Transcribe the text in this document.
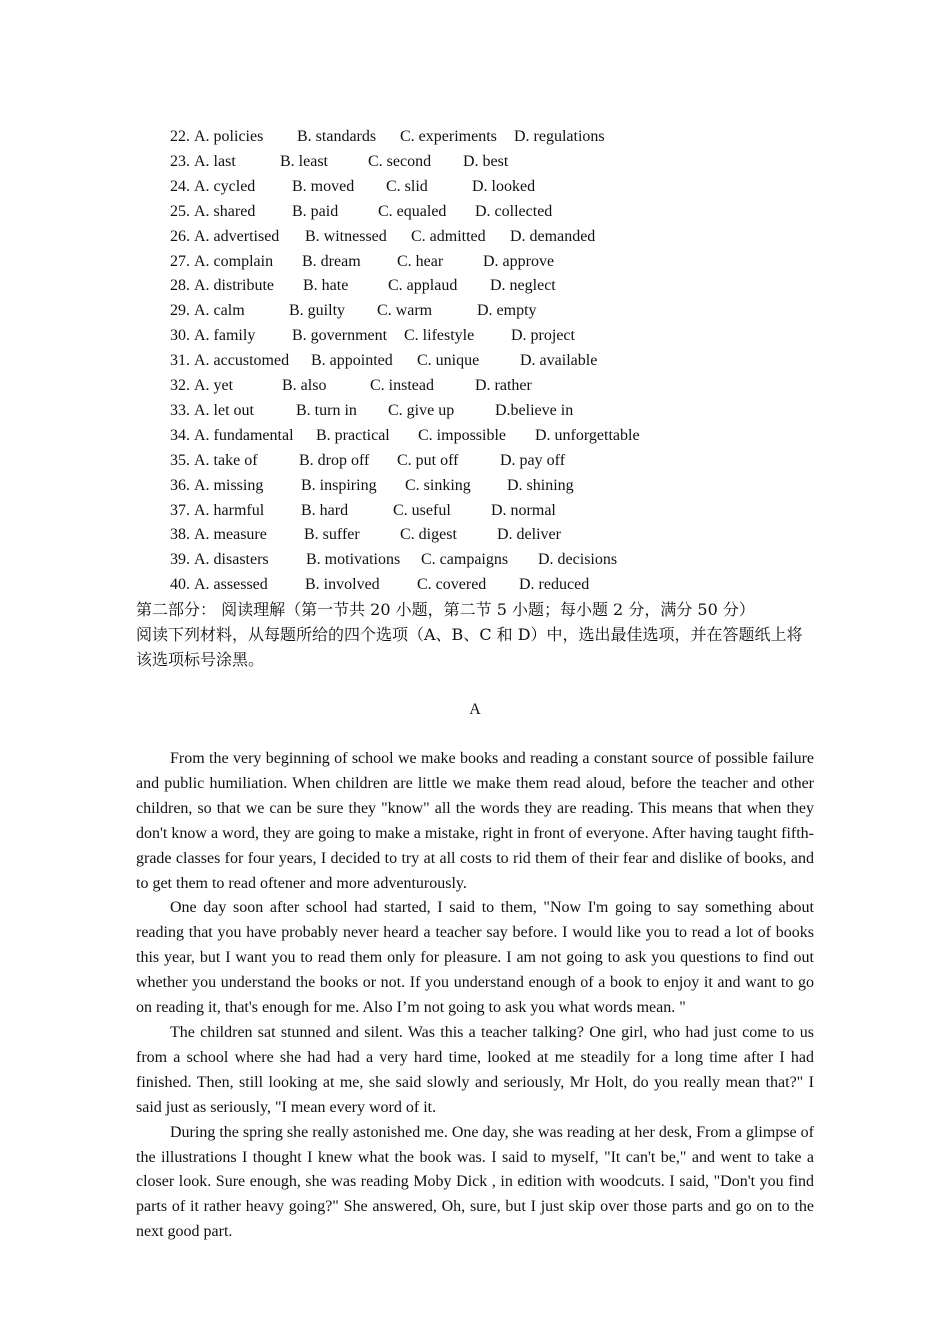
22. A. policies B. standards C. experiments D. regulations
23. A. last	B. least	C. second D. best
24. A. cycled B. moved C. slid	D. looked
25. A. shared B. paid C. equaled D. collected
26. A. advertised B. witnessed C. admitted D. demanded
27. A. complain B. dream C. hear D. approve
28. A. distribute B. hate C. applaud D. neglect
29. A. calm	B. guilty C. warm	D. empty
30. A. family B. government C. lifestyle D. project
31. A. accustomed B. appointed C. unique	D. available
32. A. yet	B. also	C. instead	D. rather
33. A. let out	B. turn in C. give up	D.believe in
34. A. fundamental B. practical C. impossible D. unforgettable
35. A. take of	B. drop off C. put off	D. pay off
36. A. missing B. inspiring C. sinking D. shining
37. A. harmful B. hard	C. useful	D. normal
38. A. measure B. suffer	C. digest	D. deliver
39. A. disasters B. motivations C. campaigns D. decisions
40. A. assessed B. involved C. covered D. reduced
第二部分： 阅读理解（第一节共 20 小题，第二节 5 小题；每小题 2 分，满分 50 分）
阅读下列材料，从每题所给的四个选项（A、B、C 和 D）中，选出最佳选项，并在答题纸上将该选项标号涂黑。
A

From the very beginning of school we make books and reading a constant source of possible failure and public humiliation. When children are little we make them read aloud, before the teacher and other children, so that we can be sure they "know" all the words they are reading. This means that when they don't know a word, they are going to make a mistake, right in front of everyone. After having taught fifth-grade classes for four years, I decided to try at all costs to rid them of their fear and dislike of books, and to get them to read oftener and more adventurously.

One day soon after school had started, I said to them, "Now I'm going to say something about reading that you have probably never heard a teacher say before. I would like you to read a lot of books this year, but I want you to read them only for pleasure. I am not going to ask you questions to find out whether you understand the books or not. If you understand enough of a book to enjoy it and want to go on reading it, that's enough for me. Also I’m not going to ask you what words mean. "

The children sat stunned and silent. Was this a teacher talking? One girl, who had just come to us from a school where she had had a very hard time, looked at me steadily for a long time after I had finished. Then, still looking at me, she said slowly and seriously, Mr Holt, do you really mean that?" I said just as seriously, "I mean every word of it.

During the spring she really astonished me. One day, she was reading at her desk, From a glimpse of the illustrations I thought I knew what the book was. I said to myself, "It can't be," and went to take a closer look. Sure enough, she was reading Moby Dick , in edition with woodcuts. I said, "Don't you find parts of it rather heavy going?" She answered, Oh, sure, but I just skip over those parts and go on to the next good part.
